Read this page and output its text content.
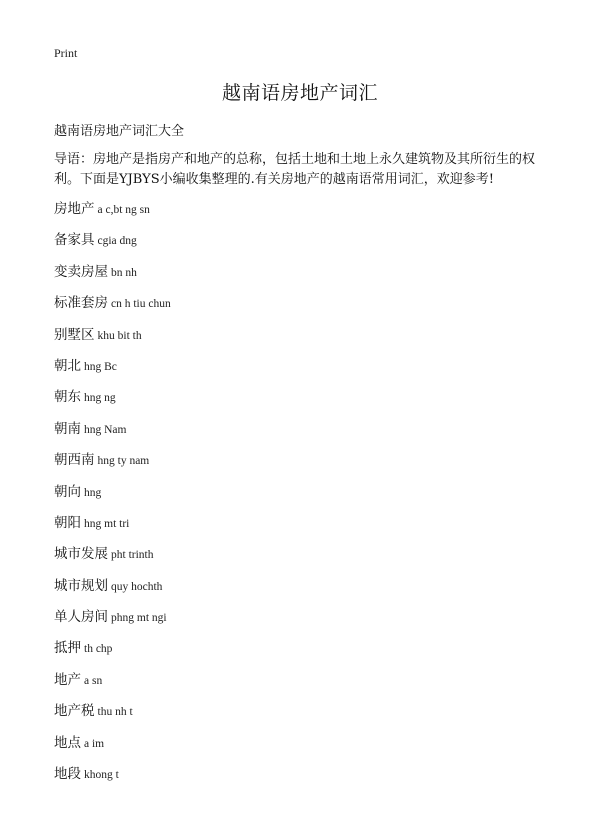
Print
越南语房地产词汇
越南语房地产词汇大全
导语：房地产是指房产和地产的总称，包括土地和土地上永久建筑物及其所衍生的权利。下面是YJBYS小编收集整理的.有关房地产的越南语常用词汇，欢迎参考!
房地产 a c,bt ng sn
备家具 cgia dng
变卖房屋 bn nh
标准套房 cn h tiu chun
别墅区 khu bit th
朝北 hng Bc
朝东 hng ng
朝南 hng Nam
朝西南 hng ty nam
朝向 hng
朝阳 hng mt tri
城市发展 pht trinth
城市规划 quy hochth
单人房间 phng mt ngi
抵押 th chp
地产 a sn
地产税 thu nh t
地点 a im
地段 khong t
